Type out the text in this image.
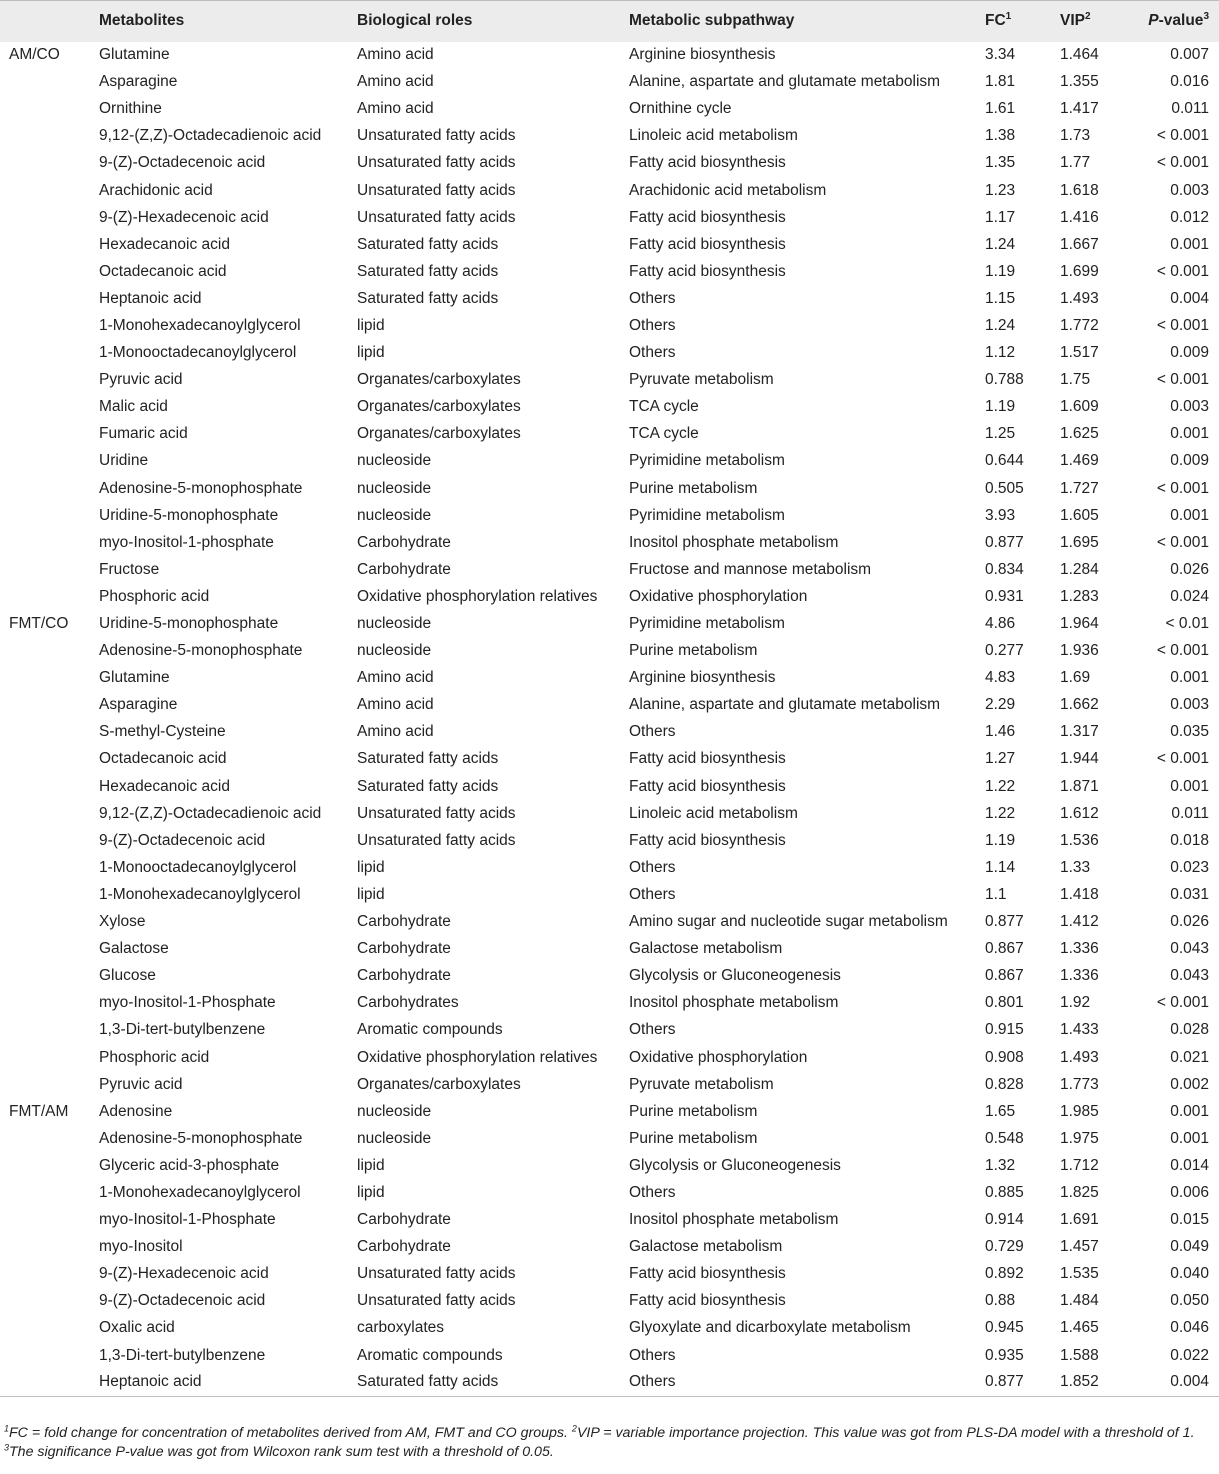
	Metabolites	Biological roles	Metabolic subpathway	$FC^1$	VIP$^2$	P-value$^3$
AM/CO	Glutamine	Amino acid	Arginine biosynthesis	3.34	1.464	0.007
	Asparagine	Amino acid	Alanine, aspartate and glutamate metabolism	1.81	1.355	0.016
	Ornithine	Amino acid	Ornithine cycle	1.61	1.417	0.011
	9,12-(Z,Z)-Octadecadienoic acid	Unsaturated fatty acids	Linoleic acid metabolism	1.38	1.73	< 0.001
	9-(Z)-Octadecenoic acid	Unsaturated fatty acids	Fatty acid biosynthesis	1.35	1.77	< 0.001
	Arachidonic acid	Unsaturated fatty acids	Arachidonic acid metabolism	1.23	1.618	0.003
	9-(Z)-Hexadecenoic acid	Unsaturated fatty acids	Fatty acid biosynthesis	1.17	1.416	0.012
	Hexadecanoic acid	Saturated fatty acids	Fatty acid biosynthesis	1.24	1.667	0.001
	Octadecanoic acid	Saturated fatty acids	Fatty acid biosynthesis	1.19	1.699	< 0.001
	Heptanoic acid	Saturated fatty acids	Others	1.15	1.493	0.004
	1-Monohexadecanoylglycerol	lipid	Others	1.24	1.772	< 0.001
	1-Monooctadecanoylglycerol	lipid	Others	1.12	1.517	0.009
	Pyruvic acid	Organates/carboxylates	Pyruvate metabolism	0.788	1.75	< 0.001
	Malic acid	Organates/carboxylates	TCA cycle	1.19	1.609	0.003
	Fumaric acid	Organates/carboxylates	TCA cycle	1.25	1.625	0.001
	Uridine	nucleoside	Pyrimidine metabolism	0.644	1.469	0.009
	Adenosine-5-monophosphate	nucleoside	Purine metabolism	0.505	1.727	< 0.001
	Uridine-5-monophosphate	nucleoside	Pyrimidine metabolism	3.93	1.605	0.001
	myo-Inositol-1-phosphate	Carbohydrate	Inositol phosphate metabolism	0.877	1.695	< 0.001
	Fructose	Carbohydrate	Fructose and mannose metabolism	0.834	1.284	0.026
	Phosphoric acid	Oxidative phosphorylation relatives	Oxidative phosphorylation	0.931	1.283	0.024
FMT/CO	Uridine-5-monophosphate	nucleoside	Pyrimidine metabolism	4.86	1.964	< 0.01
	Adenosine-5-monophosphate	nucleoside	Purine metabolism	0.277	1.936	< 0.001
	Glutamine	Amino acid	Arginine biosynthesis	4.83	1.69	0.001
	Asparagine	Amino acid	Alanine, aspartate and glutamate metabolism	2.29	1.662	0.003
	S-methyl-Cysteine	Amino acid	Others	1.46	1.317	0.035
	Octadecanoic acid	Saturated fatty acids	Fatty acid biosynthesis	1.27	1.944	< 0.001
	Hexadecanoic acid	Saturated fatty acids	Fatty acid biosynthesis	1.22	1.871	0.001
	9,12-(Z,Z)-Octadecadienoic acid	Unsaturated fatty acids	Linoleic acid metabolism	1.22	1.612	0.011
	9-(Z)-Octadecenoic acid	Unsaturated fatty acids	Fatty acid biosynthesis	1.19	1.536	0.018
	1-Monooctadecanoylglycerol	lipid	Others	1.14	1.33	0.023
	1-Monohexadecanoylglycerol	lipid	Others	1.1	1.418	0.031
	Xylose	Carbohydrate	Amino sugar and nucleotide sugar metabolism	0.877	1.412	0.026
	Galactose	Carbohydrate	Galactose metabolism	0.867	1.336	0.043
	Glucose	Carbohydrate	Glycolysis or Gluconeogenesis	0.867	1.336	0.043
	myo-Inositol-1-Phosphate	Carbohydrates	Inositol phosphate metabolism	0.801	1.92	< 0.001
	1,3-Di-tert-butylbenzene	Aromatic compounds	Others	0.915	1.433	0.028
	Phosphoric acid	Oxidative phosphorylation relatives	Oxidative phosphorylation	0.908	1.493	0.021
	Pyruvic acid	Organates/carboxylates	Pyruvate metabolism	0.828	1.773	0.002
FMT/AM	Adenosine	nucleoside	Purine metabolism	1.65	1.985	0.001
	Adenosine-5-monophosphate	nucleoside	Purine metabolism	0.548	1.975	0.001
	Glyceric acid-3-phosphate	lipid	Glycolysis or Gluconeogenesis	1.32	1.712	0.014
	1-Monohexadecanoylglycerol	lipid	Others	0.885	1.825	0.006
	myo-Inositol-1-Phosphate	Carbohydrate	Inositol phosphate metabolism	0.914	1.691	0.015
	myo-Inositol	Carbohydrate	Galactose metabolism	0.729	1.457	0.049
	9-(Z)-Hexadecenoic acid	Unsaturated fatty acids	Fatty acid biosynthesis	0.892	1.535	0.040
	9-(Z)-Octadecenoic acid	Unsaturated fatty acids	Fatty acid biosynthesis	0.88	1.484	0.050
	Oxalic acid	carboxylates	Glyoxylate and dicarboxylate metabolism	0.945	1.465	0.046
	1,3-Di-tert-butylbenzene	Aromatic compounds	Others	0.935	1.588	0.022
	Heptanoic acid	Saturated fatty acids	Others	0.877	1.852	0.004
$^1$FC = fold change for concentration of metabolites derived from AM, FMT and CO groups. $^2$VIP = variable importance projection. This value was got from PLS-DA model with a threshold of 1. $^3$The significance P-value was got from Wilcoxon rank sum test with a threshold of 0.05.
